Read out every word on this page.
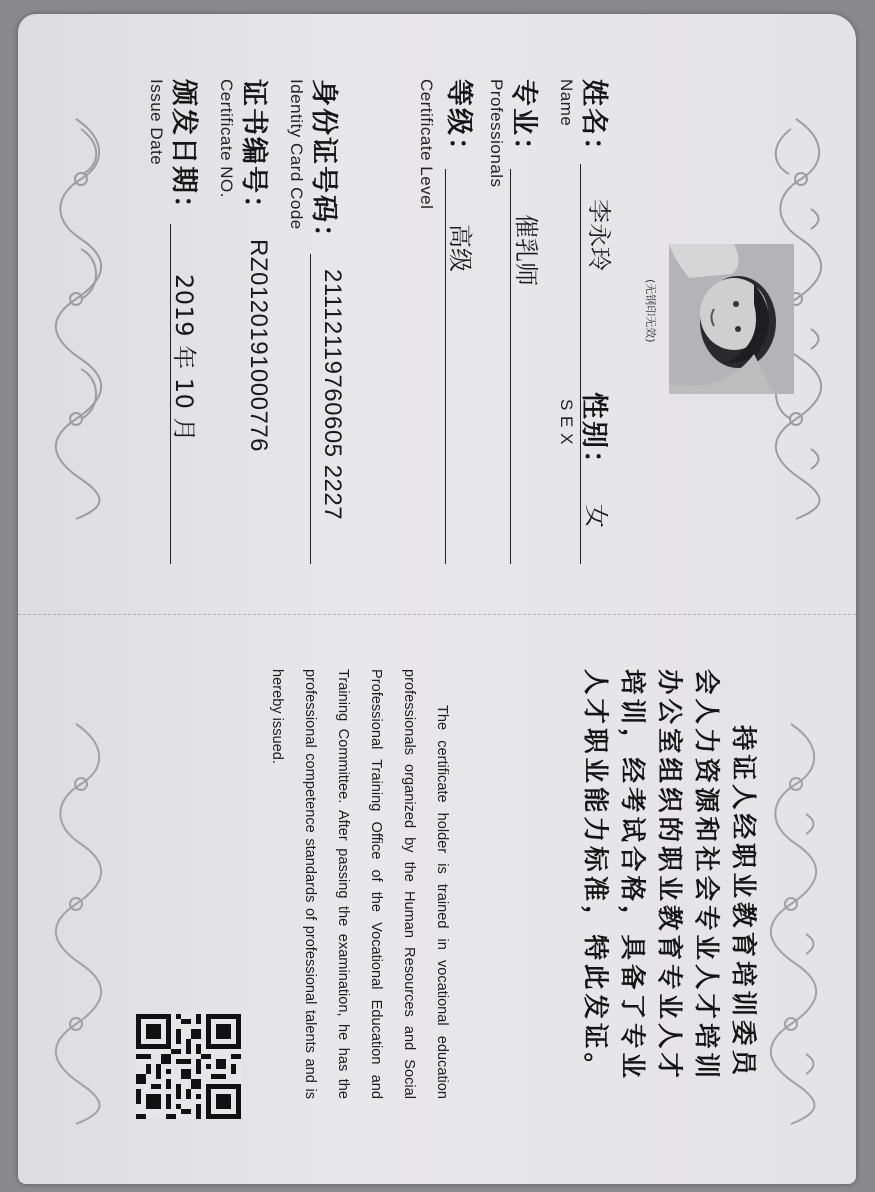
(无钢印无效)
姓名：
Name
李永玲
性别：
S E X
女
专业：
Professionals
催乳师
等级：
Certificate Level
高级
身份证号码：
Identity Card Code
21112119760605 2227
证书编号：
Certificate NO.
RZ0120191000776
颁发日期：
Issue Date
2019 年 10 月
持证人经职业教育培训委员会人力资源和社会专业人才培训办公室组织的职业教育专业人才培训，经考试合格，具备了专业人才职业能力标准，特此发证。
The certificate holder is trained in vocational education professionals organized by the Human Resources and Social Professional Training Office of the Vocational Education and Training Committee. After passing the examination, he has the professional competence standards of professional talents and is hereby issued.
